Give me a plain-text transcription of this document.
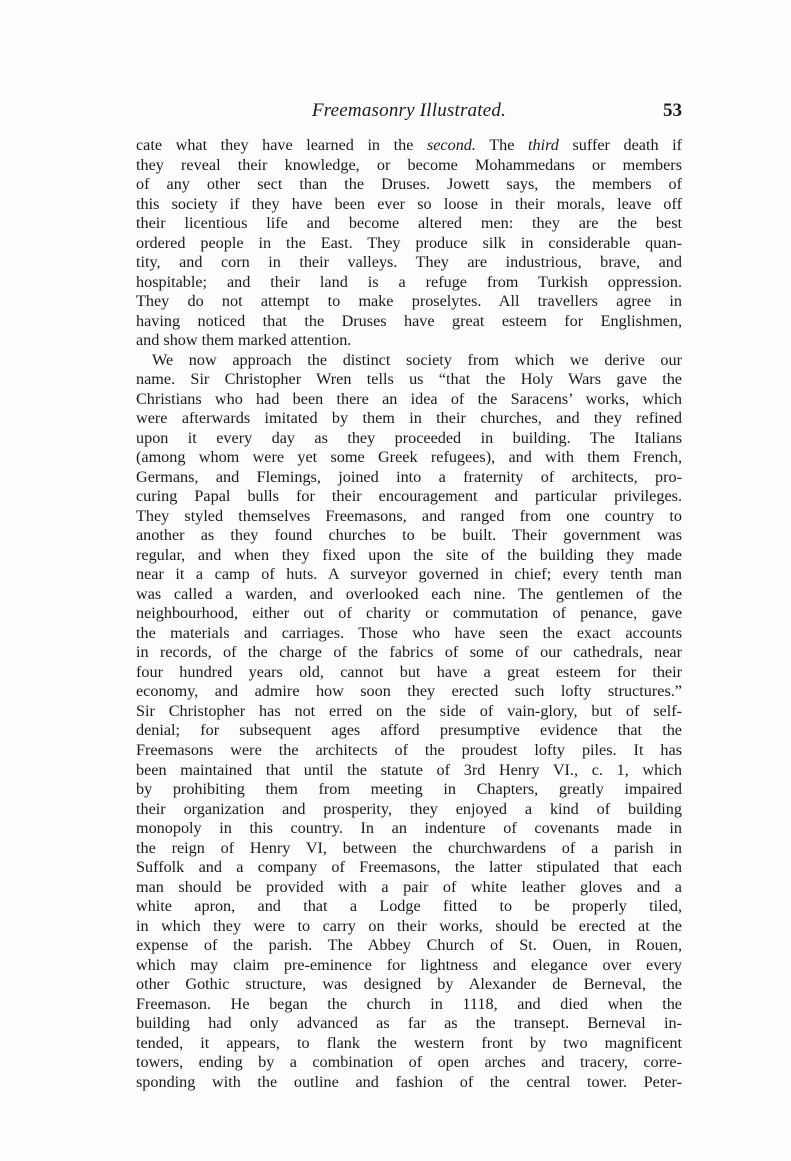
Freemasonry Illustrated.	53
cate what they have learned in the second. The third suffer death if
they reveal their knowledge, or become Mohammedans or members
of any other sect than the Druses. Jowett says, the members of
this society if they have been ever so loose in their morals, leave off
their licentious life and become altered men: they are the best
ordered people in the East. They produce silk in considerable quan-
tity, and corn in their valleys. They are industrious, brave, and
hospitable; and their land is a refuge from Turkish oppression.
They do not attempt to make proselytes. All travellers agree in
having noticed that the Druses have great esteem for Englishmen,
and show them marked attention.
We now approach the distinct society from which we derive our
name. Sir Christopher Wren tells us “that the Holy Wars gave the
Christians who had been there an idea of the Saracens’ works, which
were afterwards imitated by them in their churches, and they refined
upon it every day as they proceeded in building. The Italians
(among whom were yet some Greek refugees), and with them French,
Germans, and Flemings, joined into a fraternity of architects, pro-
curing Papal bulls for their encouragement and particular privileges.
They styled themselves Freemasons, and ranged from one country to
another as they found churches to be built. Their government was
regular, and when they fixed upon the site of the building they made
near it a camp of huts. A surveyor governed in chief; every tenth man
was called a warden, and overlooked each nine. The gentlemen of the
neighbourhood, either out of charity or commutation of penance, gave
the materials and carriages. Those who have seen the exact accounts
in records, of the charge of the fabrics of some of our cathedrals, near
four hundred years old, cannot but have a great esteem for their
economy, and admire how soon they erected such lofty structures.”
Sir Christopher has not erred on the side of vain-glory, but of self-
denial; for subsequent ages afford presumptive evidence that the
Freemasons were the architects of the proudest lofty piles. It has
been maintained that until the statute of 3rd Henry VI., c. 1, which
by prohibiting them from meeting in Chapters, greatly impaired
their organization and prosperity, they enjoyed a kind of building
monopoly in this country. In an indenture of covenants made in
the reign of Henry VI, between the churchwardens of a parish in
Suffolk and a company of Freemasons, the latter stipulated that each
man should be provided with a pair of white leather gloves and a
white apron, and that a Lodge fitted to be properly tiled,
in which they were to carry on their works, should be erected at the
expense of the parish. The Abbey Church of St. Ouen, in Rouen,
which may claim pre-eminence for lightness and elegance over every
other Gothic structure, was designed by Alexander de Berneval, the
Freemason. He began the church in 1118, and died when the
building had only advanced as far as the transept. Berneval in-
tended, it appears, to flank the western front by two magnificent
towers, ending by a combination of open arches and tracery, corre-
sponding with the outline and fashion of the central tower. Peter-
